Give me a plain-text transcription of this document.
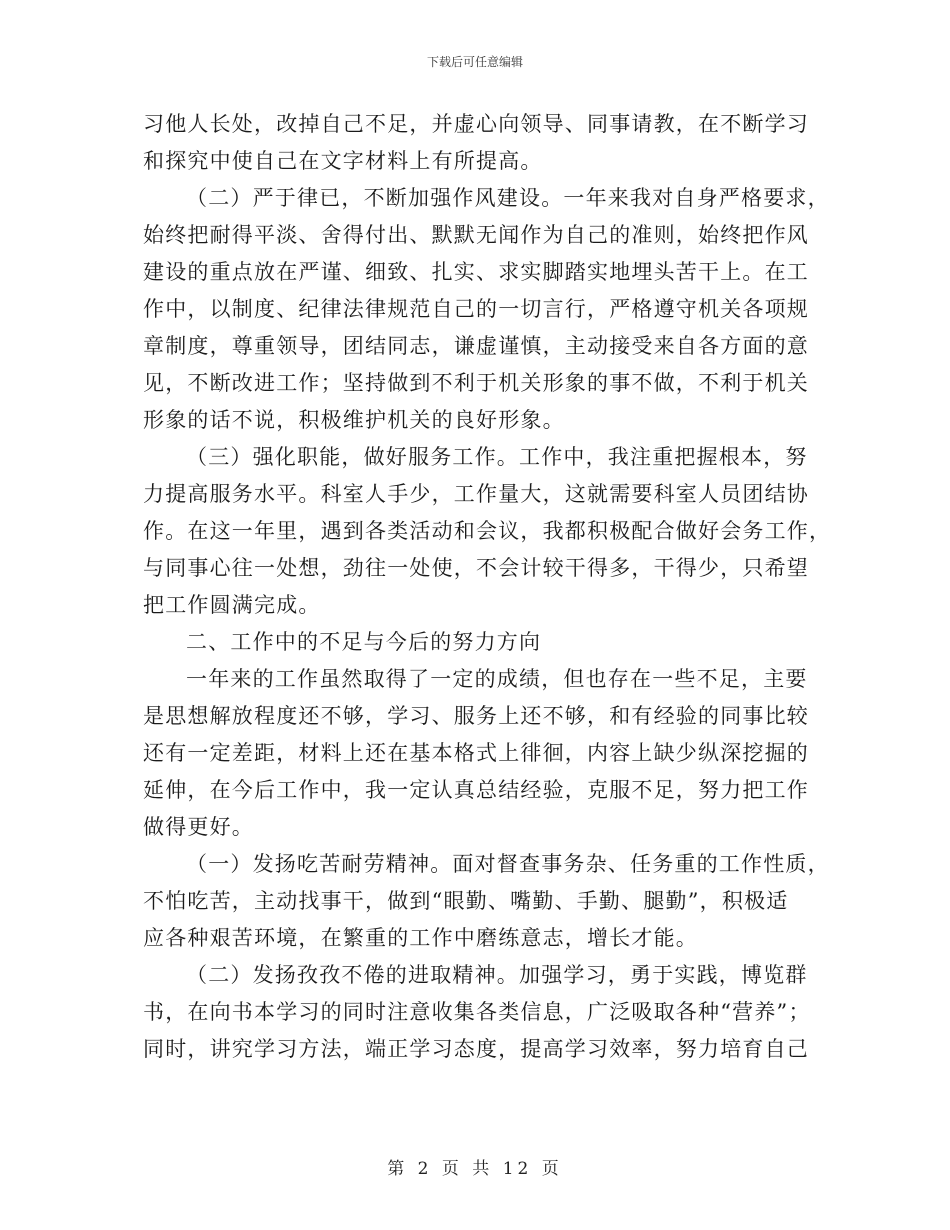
下载后可任意编辑
习他人长处，改掉自己不足，并虚心向领导、同事请教，在不断学习
和探究中使自己在文字材料上有所提高。
（二）严于律已，不断加强作风建设。一年来我对自身严格要求，
始终把耐得平淡、舍得付出、默默无闻作为自己的准则，始终把作风
建设的重点放在严谨、细致、扎实、求实脚踏实地埋头苦干上。在工
作中，以制度、纪律法律规范自己的一切言行，严格遵守机关各项规
章制度，尊重领导，团结同志，谦虚谨慎，主动接受来自各方面的意
见，不断改进工作；坚持做到不利于机关形象的事不做，不利于机关
形象的话不说，积极维护机关的良好形象。
（三）强化职能，做好服务工作。工作中，我注重把握根本，努
力提高服务水平。科室人手少，工作量大，这就需要科室人员团结协
作。在这一年里，遇到各类活动和会议，我都积极配合做好会务工作，
与同事心往一处想，劲往一处使，不会计较干得多，干得少，只希望
把工作圆满完成。
二、工作中的不足与今后的努力方向
一年来的工作虽然取得了一定的成绩，但也存在一些不足，主要
是思想解放程度还不够，学习、服务上还不够，和有经验的同事比较
还有一定差距，材料上还在基本格式上徘徊，内容上缺少纵深挖掘的
延伸，在今后工作中，我一定认真总结经验，克服不足，努力把工作
做得更好。
（一）发扬吃苦耐劳精神。面对督查事务杂、任务重的工作性质，
不怕吃苦，主动找事干，做到“眼勤、嘴勤、手勤、腿勤”，积极适
应各种艰苦环境，在繁重的工作中磨练意志，增长才能。
（二）发扬孜孜不倦的进取精神。加强学习，勇于实践，博览群
书，在向书本学习的同时注意收集各类信息，广泛吸取各种“营养”；
同时，讲究学习方法，端正学习态度，提高学习效率，努力培育自己
第 2 页 共 12 页
